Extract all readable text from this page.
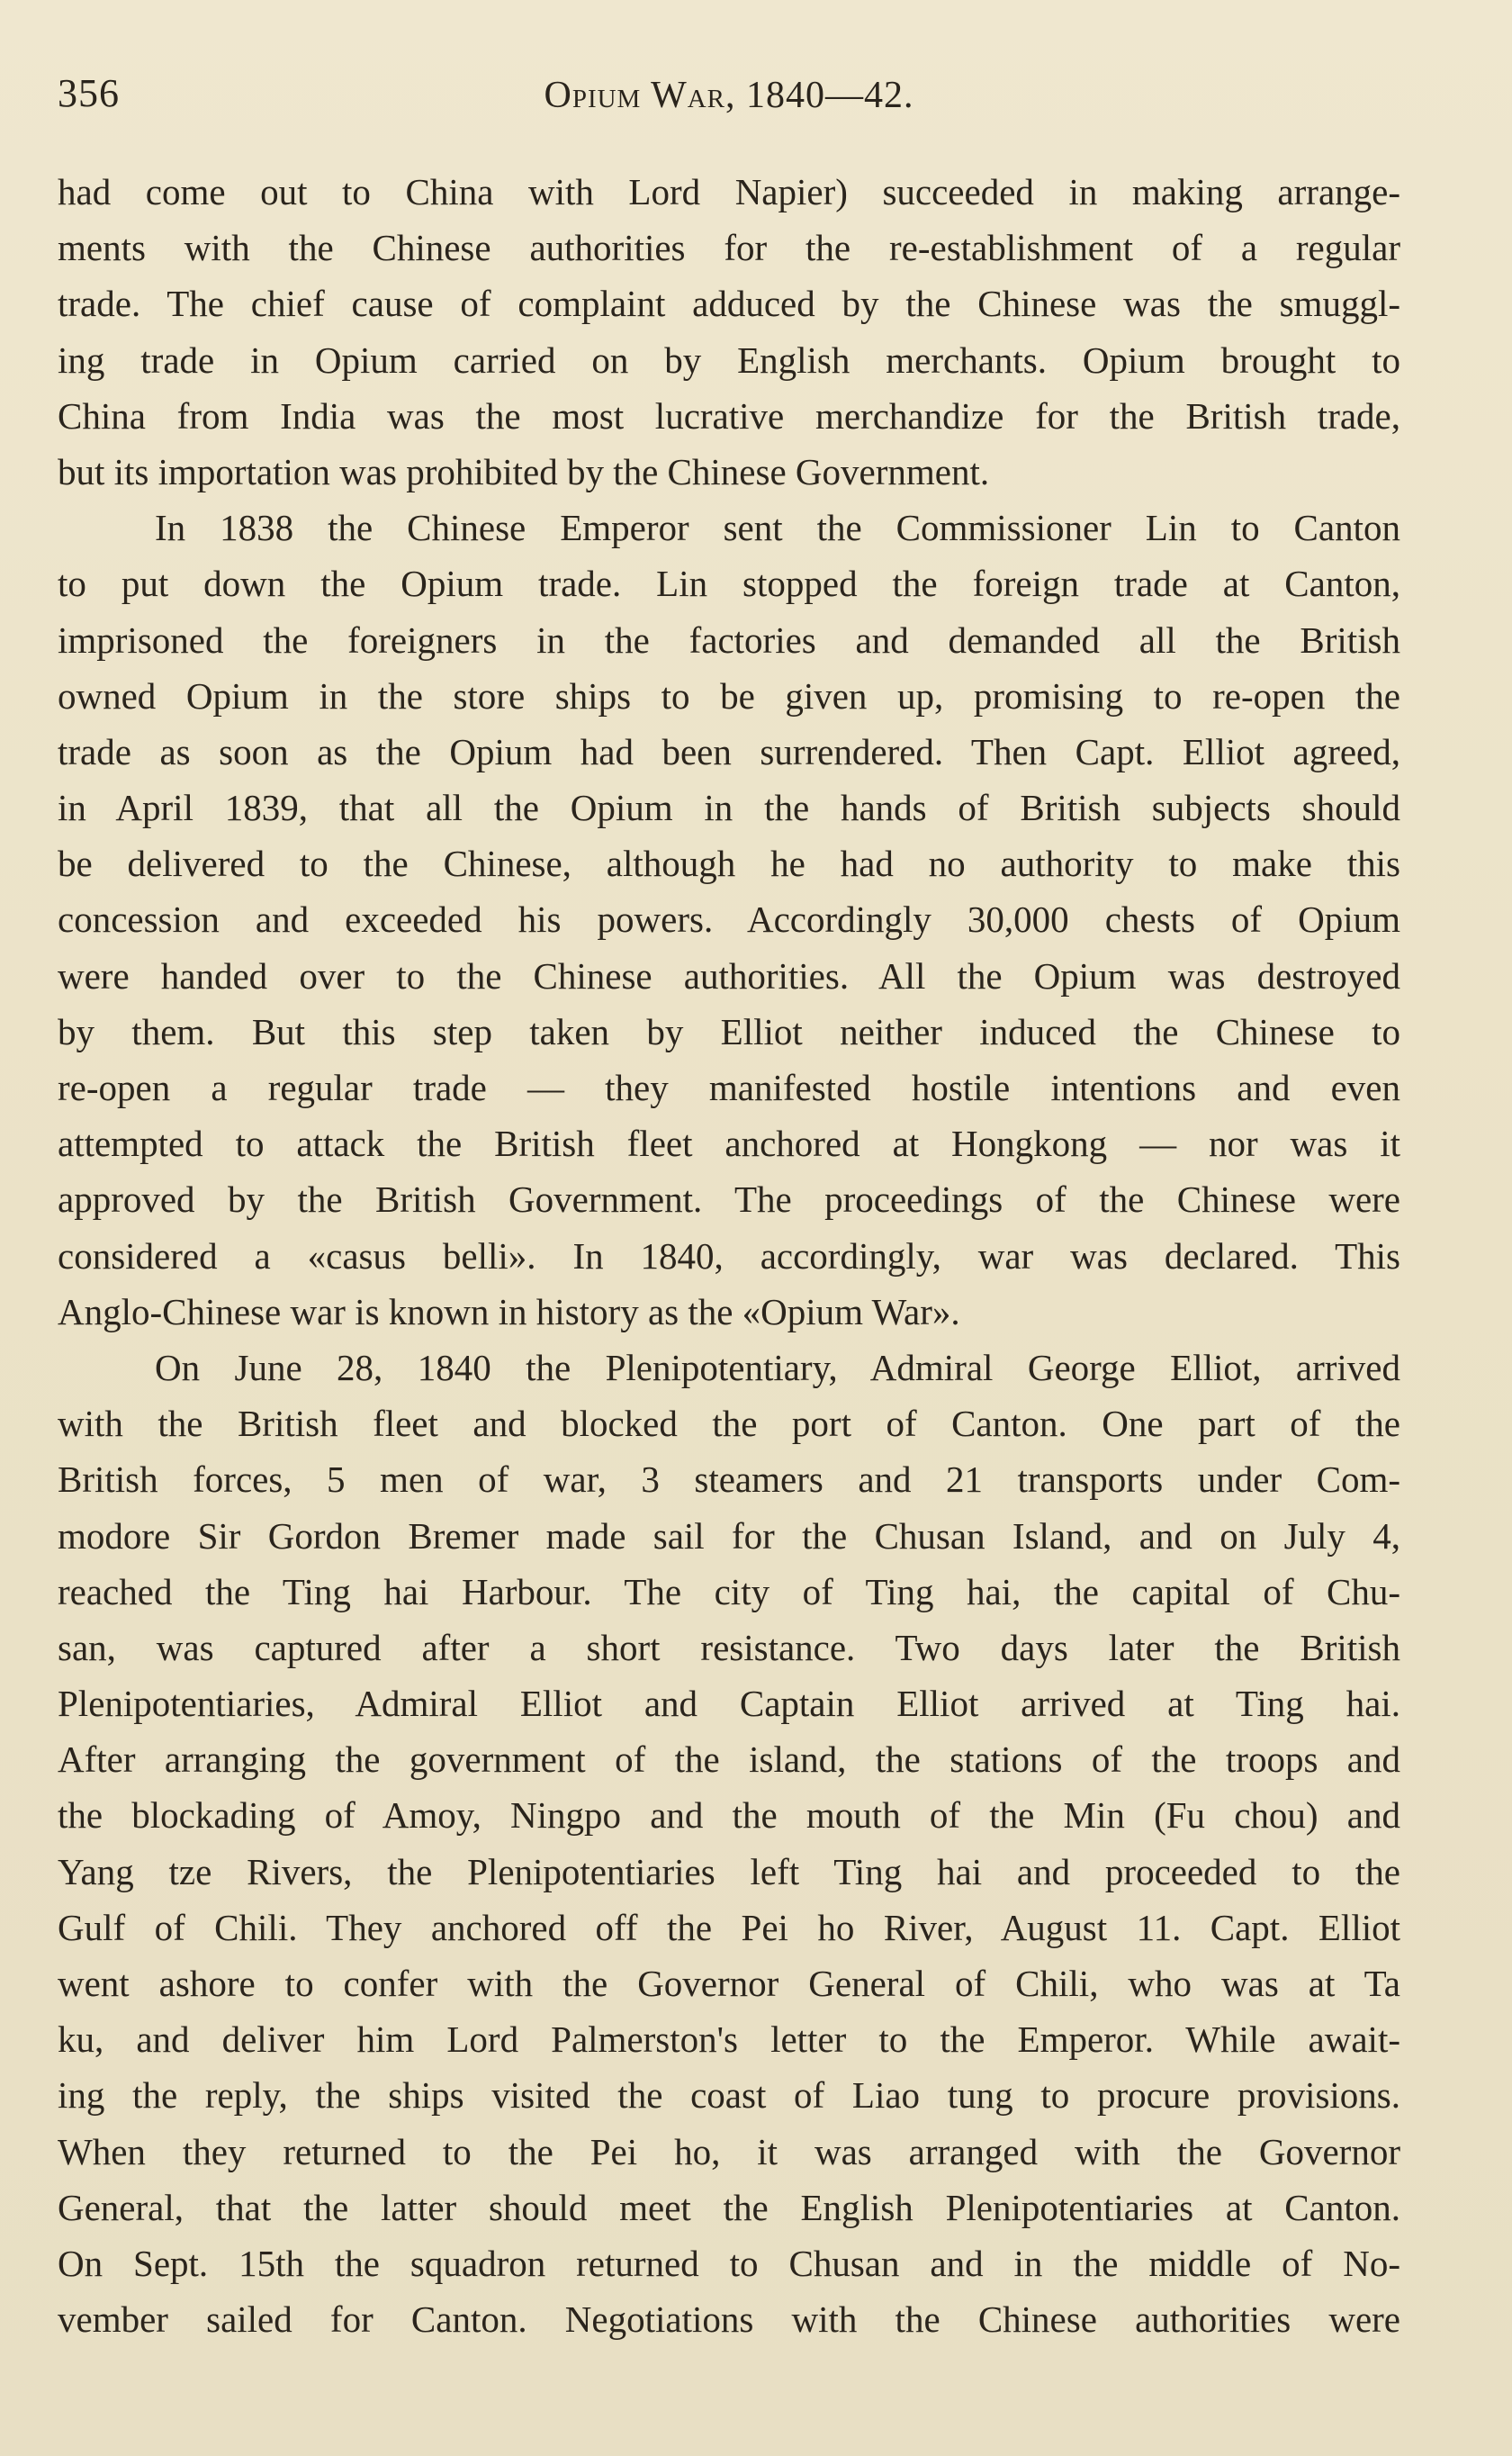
356	Opium War, 1840—42.
had come out to China with Lord Napier) succeeded in making arrange-
ments with the Chinese authorities for the re-establishment of a regular
trade. The chief cause of complaint adduced by the Chinese was the smuggl-
ing trade in Opium carried on by English merchants. Opium brought to
China from India was the most lucrative merchandize for the British trade,
but its importation was prohibited by the Chinese Government.
In 1838 the Chinese Emperor sent the Commissioner Lin to Canton
to put down the Opium trade. Lin stopped the foreign trade at Canton,
imprisoned the foreigners in the factories and demanded all the British
owned Opium in the store ships to be given up, promising to re-open the
trade as soon as the Opium had been surrendered. Then Capt. Elliot agreed,
in April 1839, that all the Opium in the hands of British subjects should
be delivered to the Chinese, although he had no authority to make this
concession and exceeded his powers. Accordingly 30,000 chests of Opium
were handed over to the Chinese authorities. All the Opium was destroyed
by them. But this step taken by Elliot neither induced the Chinese to
re-open a regular trade — they manifested hostile intentions and even
attempted to attack the British fleet anchored at Hongkong — nor was it
approved by the British Government. The proceedings of the Chinese were
considered a «casus belli». In 1840, accordingly, war was declared. This
Anglo-Chinese war is known in history as the «Opium War».
On June 28, 1840 the Plenipotentiary, Admiral George Elliot, arrived
with the British fleet and blocked the port of Canton. One part of the
British forces, 5 men of war, 3 steamers and 21 transports under Com-
modore Sir Gordon Bremer made sail for the Chusan Island, and on July 4,
reached the Ting hai Harbour. The city of Ting hai, the capital of Chu-
san, was captured after a short resistance. Two days later the British
Plenipotentiaries, Admiral Elliot and Captain Elliot arrived at Ting hai.
After arranging the government of the island, the stations of the troops and
the blockading of Amoy, Ningpo and the mouth of the Min (Fu chou) and
Yang tze Rivers, the Plenipotentiaries left Ting hai and proceeded to the
Gulf of Chili. They anchored off the Pei ho River, August 11. Capt. Elliot
went ashore to confer with the Governor General of Chili, who was at Ta
ku, and deliver him Lord Palmerston's letter to the Emperor. While await-
ing the reply, the ships visited the coast of Liao tung to procure provisions.
When they returned to the Pei ho, it was arranged with the Governor
General, that the latter should meet the English Plenipotentiaries at Canton.
On Sept. 15th the squadron returned to Chusan and in the middle of No-
vember sailed for Canton. Negotiations with the Chinese authorities were
